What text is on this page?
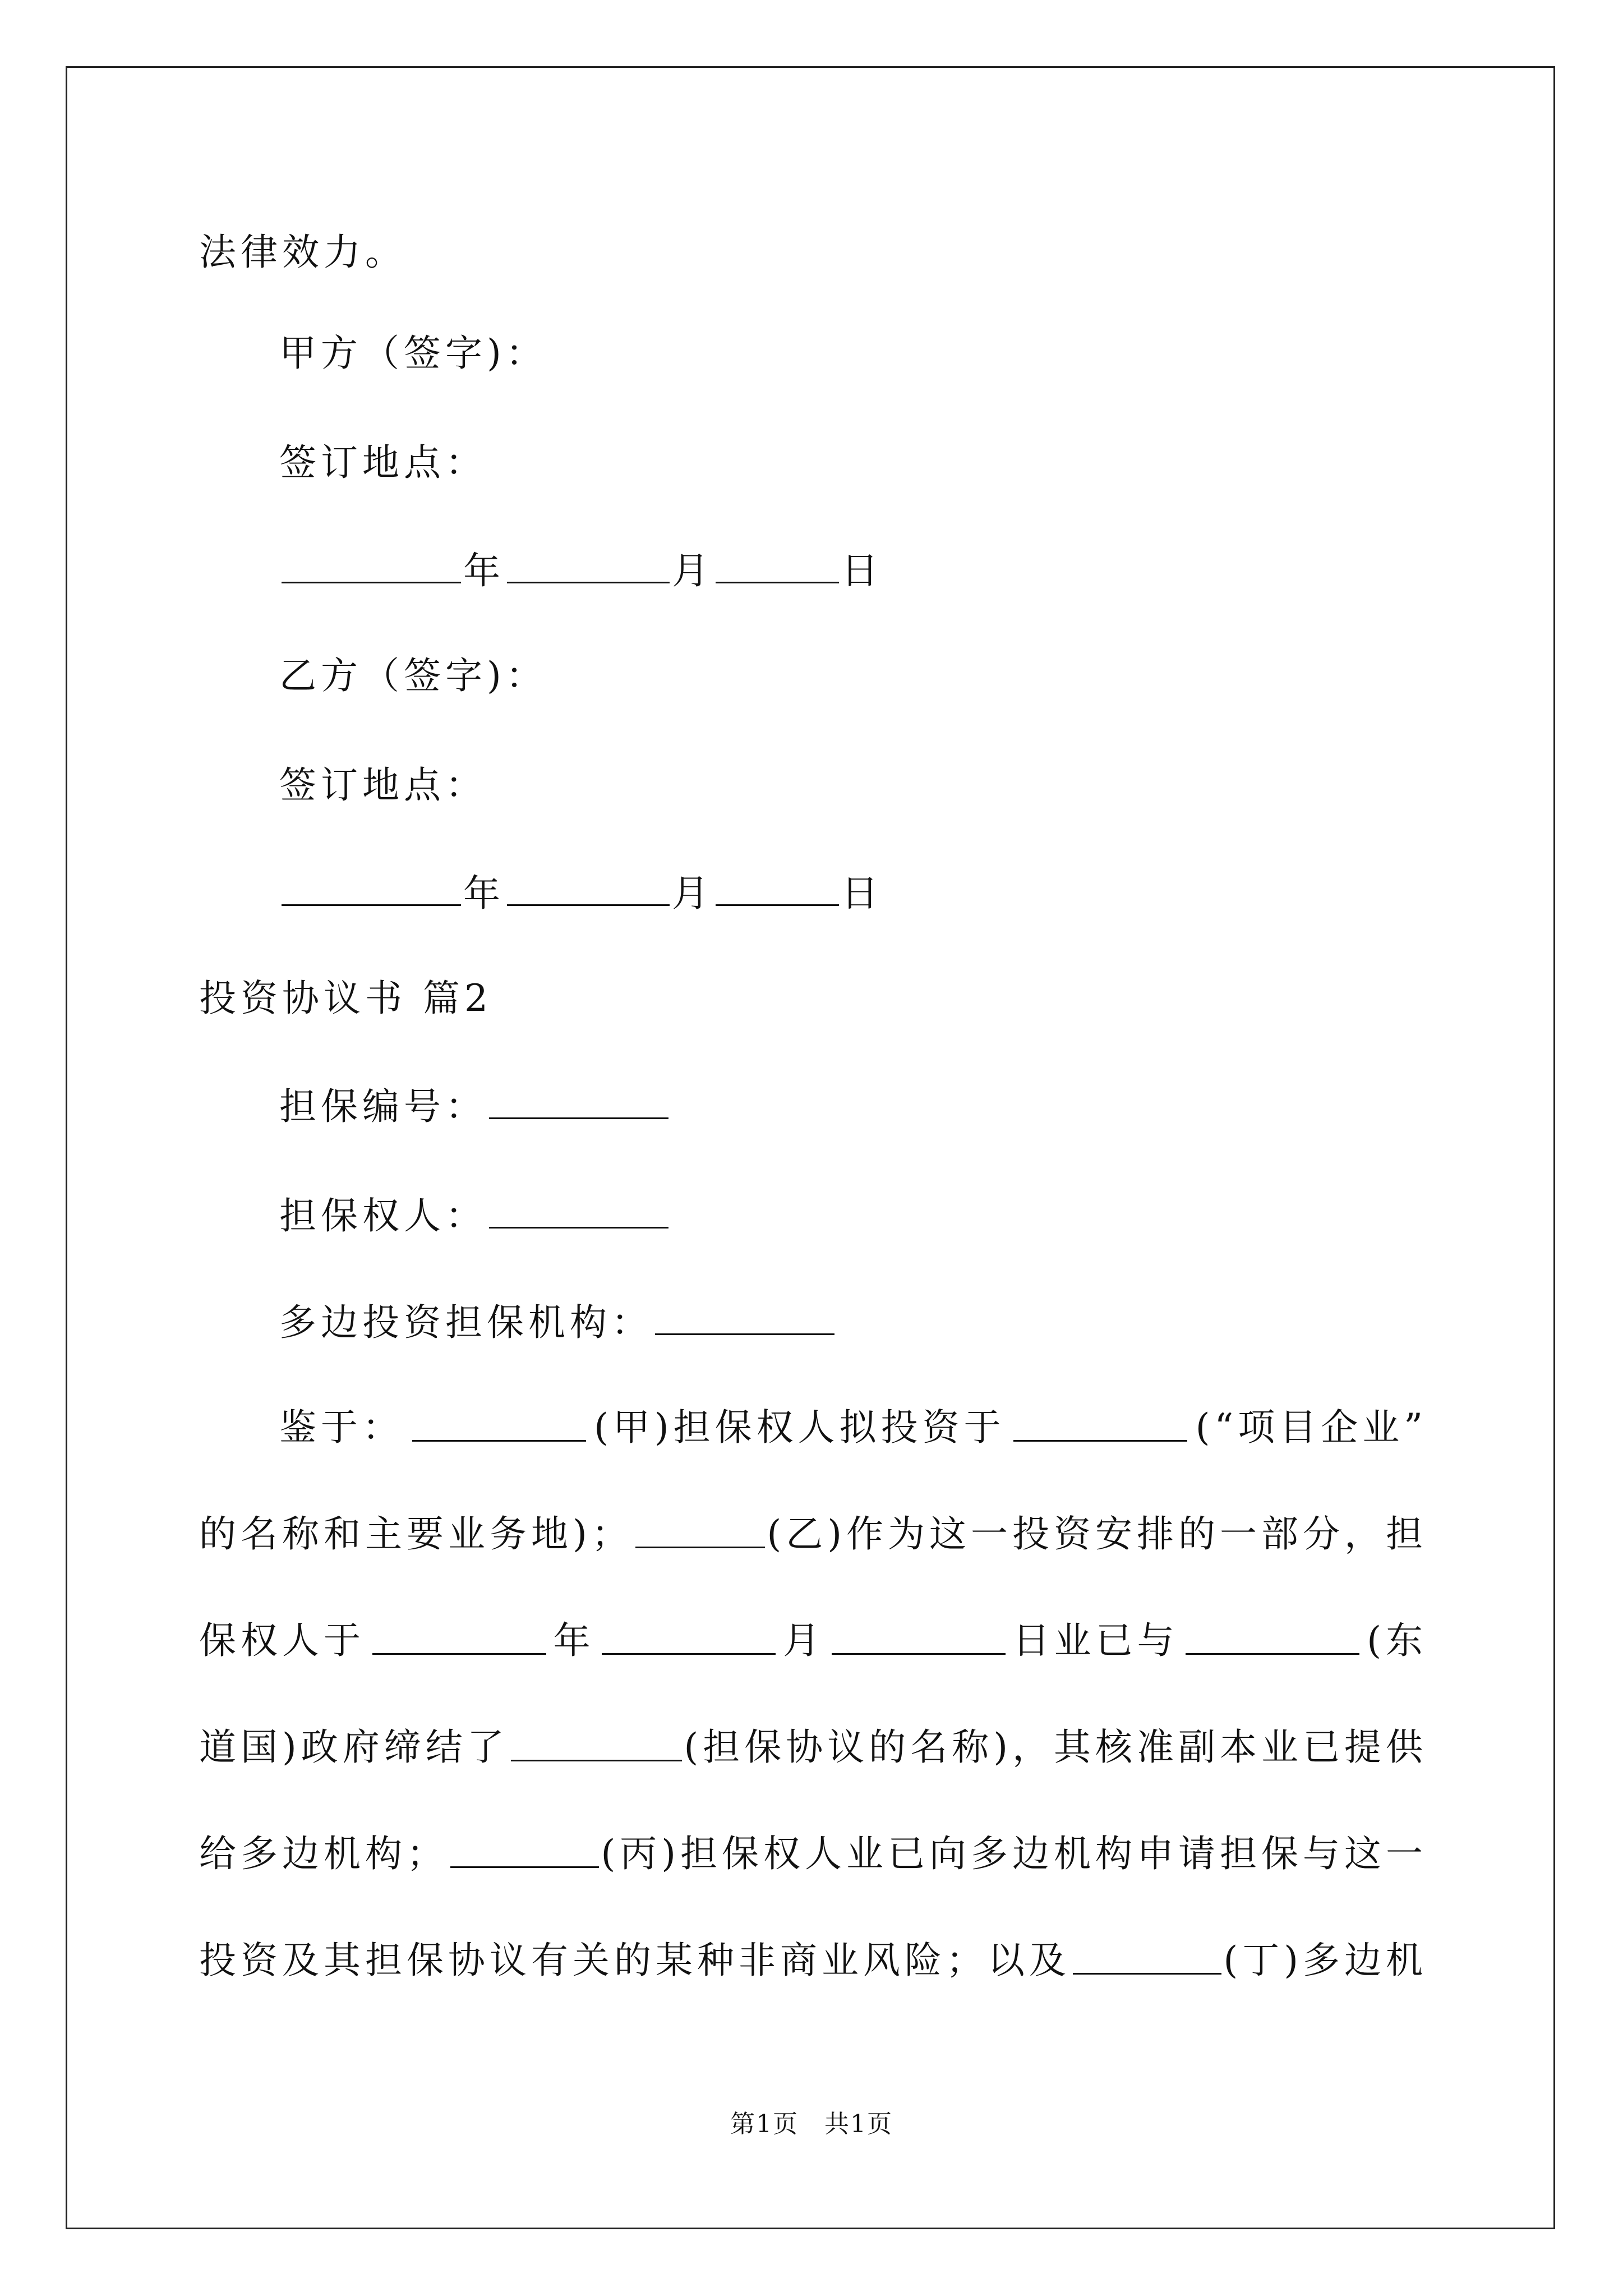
法律效力。
甲方（签字)：
签订地点：
年	月	日
乙方（签字)：
签订地点：
年	月	日
投资协议书 篇2
担保编号：
担保权人：
多边投资担保机构：
鉴于：	(甲)担保权人拟投资于	(“项目企业”
的名称和主要业务地)；	(乙)作为这一投资安排的一部分，担
保权人于	年	月	日业已与	(东
道国)政府缔结了	(担保协议的名称)，其核准副本业已提供
给多边机构；	(丙)担保权人业已向多边机构申请担保与这一
投资及其担保协议有关的某种非商业风险；以及	(丁)多边机
第1页　共1页
